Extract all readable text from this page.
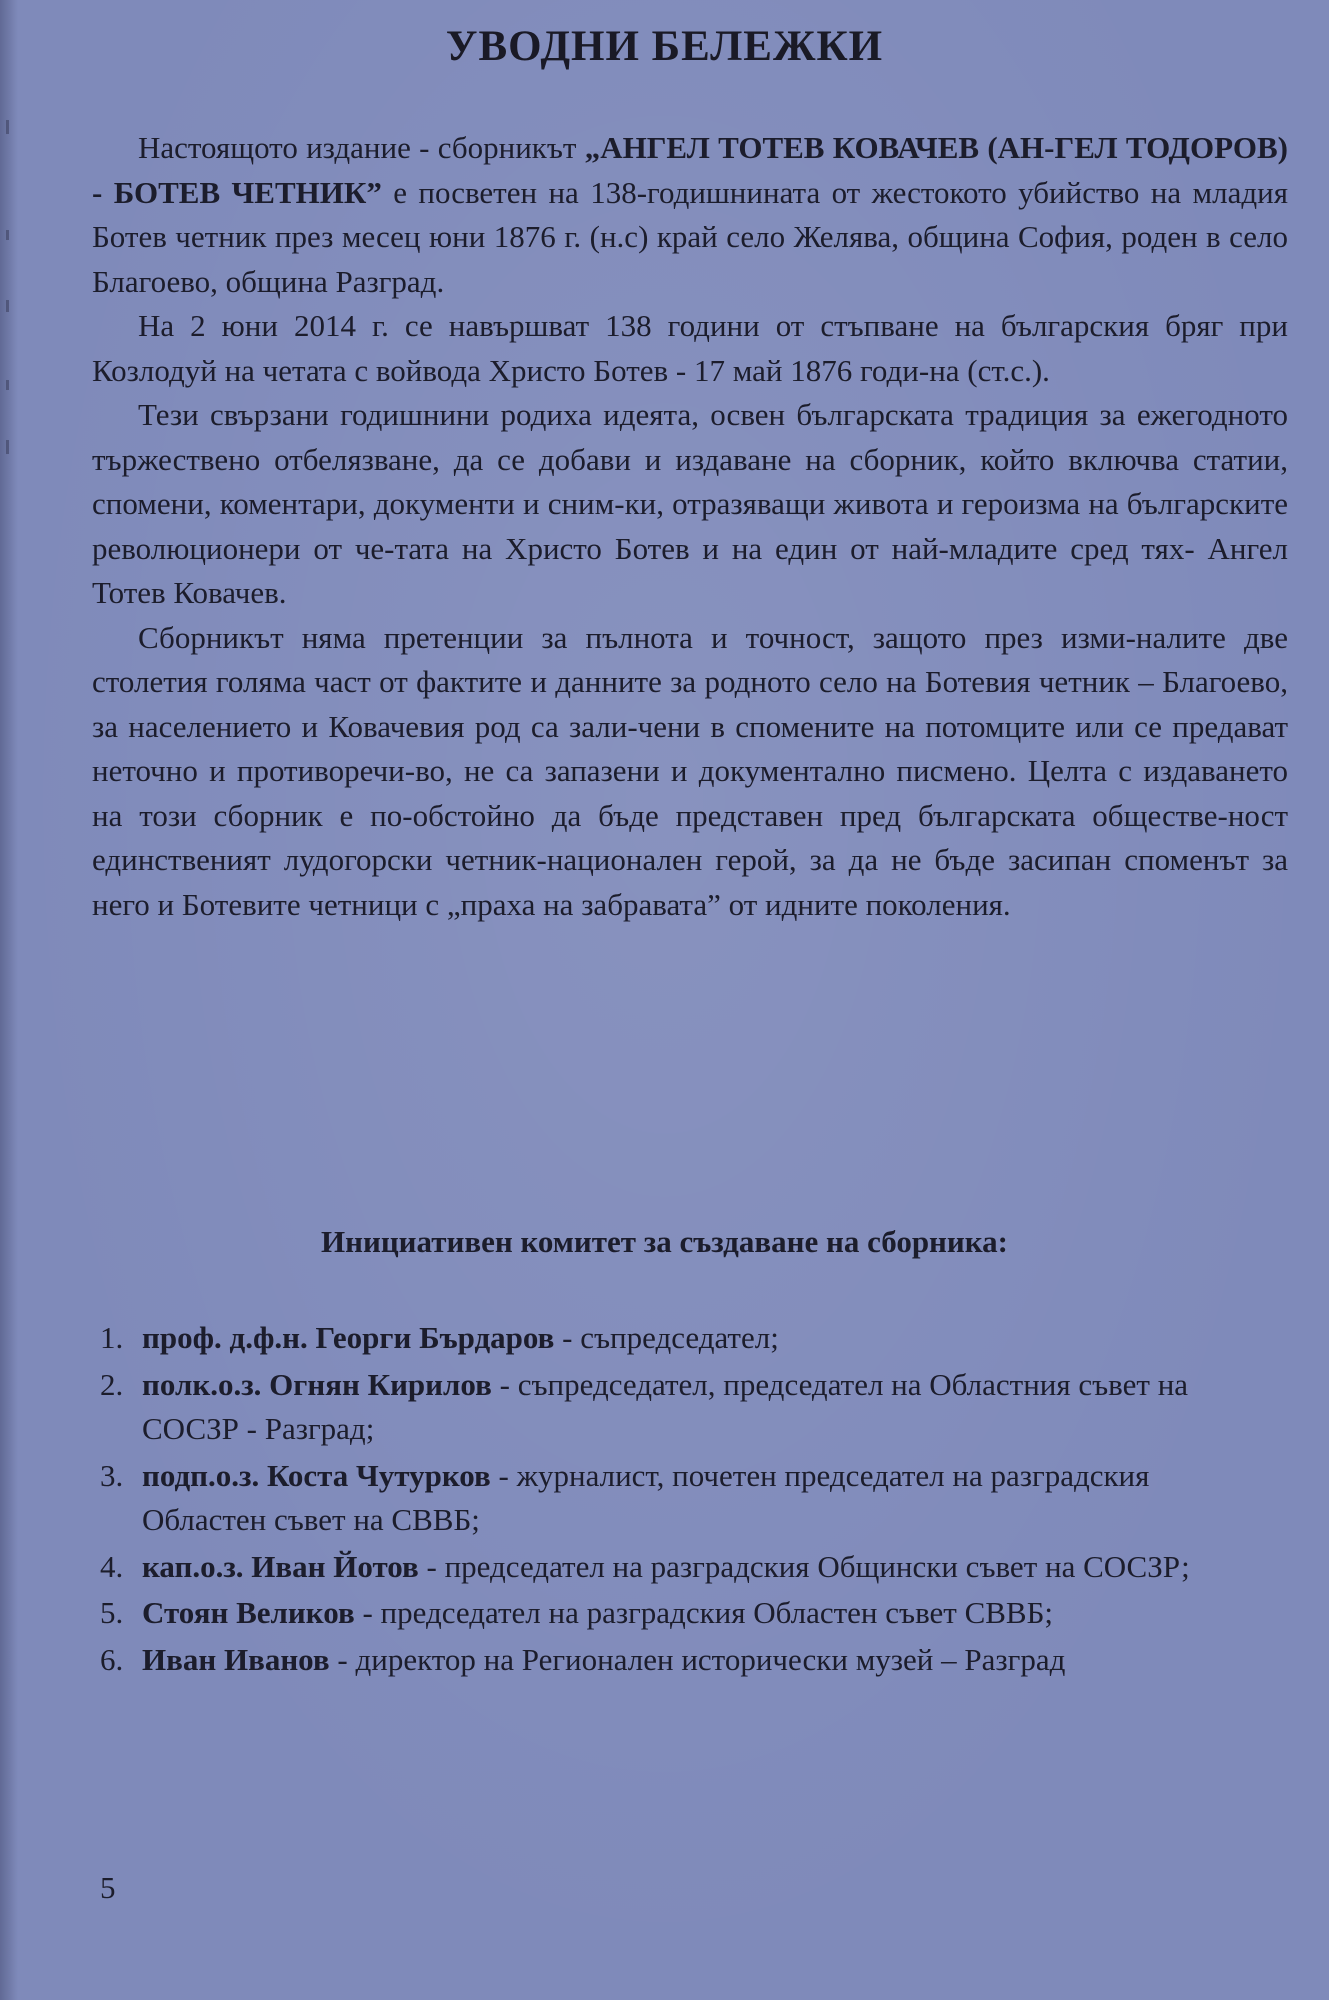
УВОДНИ БЕЛЕЖКИ

Настоящото издание - сборникът „АНГЕЛ ТОТЕВ КОВАЧЕВ (АН-ГЕЛ ТОДОРОВ) - БОТЕВ ЧЕТНИК” е посветен на 138-годишнината от жестокото убийство на младия Ботев четник през месец юни 1876 г. (н.с) край село Желява, община София, роден в село Благоево, община Разград.

На 2 юни 2014 г. се навършват 138 години от стъпване на българския бряг при Козлодуй на четата с войвода Христо Ботев - 17 май 1876 годи-на (ст.с.).

Тези свързани годишнини родиха идеята, освен българската традиция за ежегодното тържествено отбелязване, да се добави и издаване на сборник, който включва статии, спомени, коментари, документи и сним-ки, отразяващи живота и героизма на българските революционери от че-тата на Христо Ботев и на един от най-младите сред тях- Ангел Тотев Ковачев.

Сборникът няма претенции за пълнота и точност, защото през изми-налите две столетия голяма част от фактите и данните за родното село на Ботевия четник – Благоево, за населението и Ковачевия род са зали-чени в спомените на потомците или се предават неточно и противоречи-во, не са запазени и документално писмено. Целта с издаването на този сборник е по-обстойно да бъде представен пред българската обществе-ност единственият лудогорски четник-национален герой, за да не бъде засипан споменът за него и Ботевите четници с „праха на забравата” от идните поколения.

Инициативен комитет за създаване на сборника:
1. проф. д.ф.н. Георги Бърдаров - съпредседател;
2. полк.о.з. Огнян Кирилов - съпредседател, председател на Областния съвет на СОСЗР - Разград;
3. подп.о.з. Коста Чутурков - журналист, почетен председател на разградския Областен съвет на СВВБ;
4. кап.о.з. Иван Йотов - председател на разградския Общински съвет на СОСЗР;
5. Стоян Великов - председател на разградския Областен съвет СВВБ;
6. Иван Иванов - директор на Регионален исторически музей – Разград
5
